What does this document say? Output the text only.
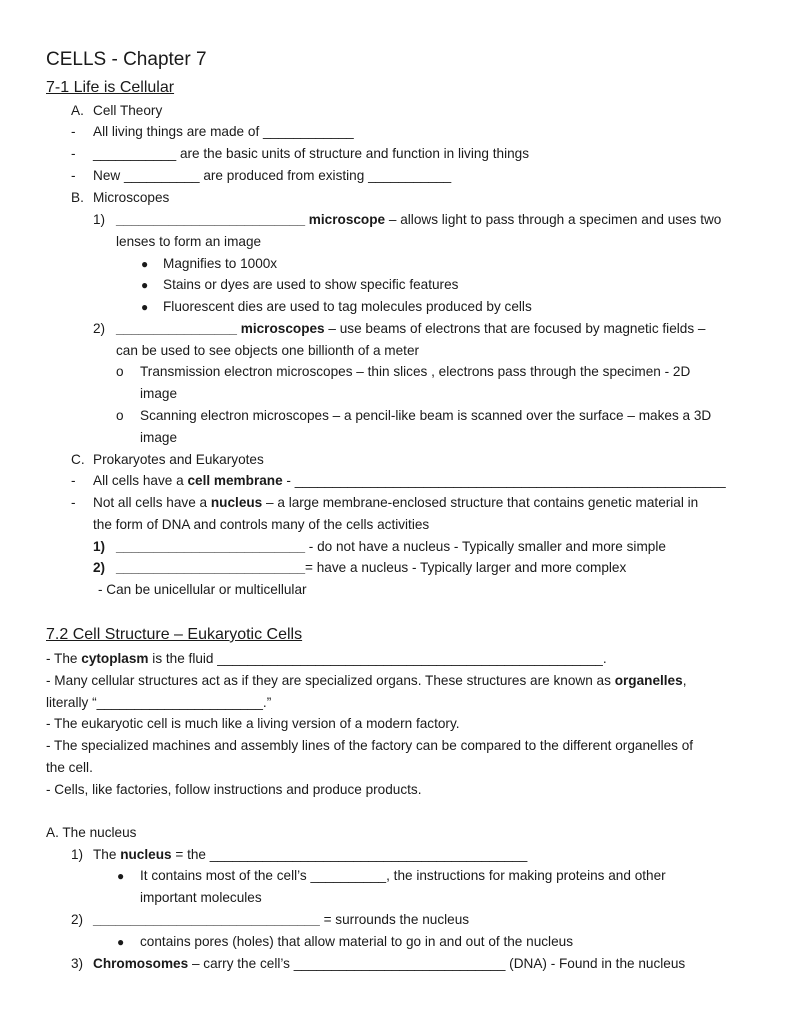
CELLS - Chapter 7
7-1 Life is Cellular
A. Cell Theory
- All living things are made of ____________
- ___________ are the basic units of structure and function in living things
- New __________ are produced from existing ___________
B. Microscopes
1) _________________________ microscope – allows light to pass through a specimen and uses two
lenses to form an image
● Magnifies to 1000x
● Stains or dyes are used to show specific features
● Fluorescent dies are used to tag molecules produced by cells
2) ________________ microscopes – use beams of electrons that are focused by magnetic fields –
can be used to see objects one billionth of a meter
o Transmission electron microscopes – thin slices , electrons pass through the specimen - 2D
image
o Scanning electron microscopes – a pencil-like beam is scanned over the surface – makes a 3D
image
C. Prokaryotes and Eukaryotes
- All cells have a cell membrane - _________________________________________________________
- Not all cells have a nucleus – a large membrane-enclosed structure that contains genetic material in
the form of DNA and controls many of the cells activities
1) _________________________ - do not have a nucleus - Typically smaller and more simple
2) _________________________= have a nucleus - Typically larger and more complex
- Can be unicellular or multicellular
7.2 Cell Structure – Eukaryotic Cells
- The cytoplasm is the fluid ___________________________________________________.
- Many cellular structures act as if they are specialized organs. These structures are known as organelles,
literally “______________________.”
- The eukaryotic cell is much like a living version of a modern factory.
- The specialized machines and assembly lines of the factory can be compared to the different organelles of
the cell.
- Cells, like factories, follow instructions and produce products.
A. The nucleus
1) The nucleus = the __________________________________________
● It contains most of the cell’s __________, the instructions for making proteins and other
important molecules
2) ______________________________ = surrounds the nucleus
● contains pores (holes) that allow material to go in and out of the nucleus
3) Chromosomes – carry the cell’s ____________________________ (DNA) - Found in the nucleus
